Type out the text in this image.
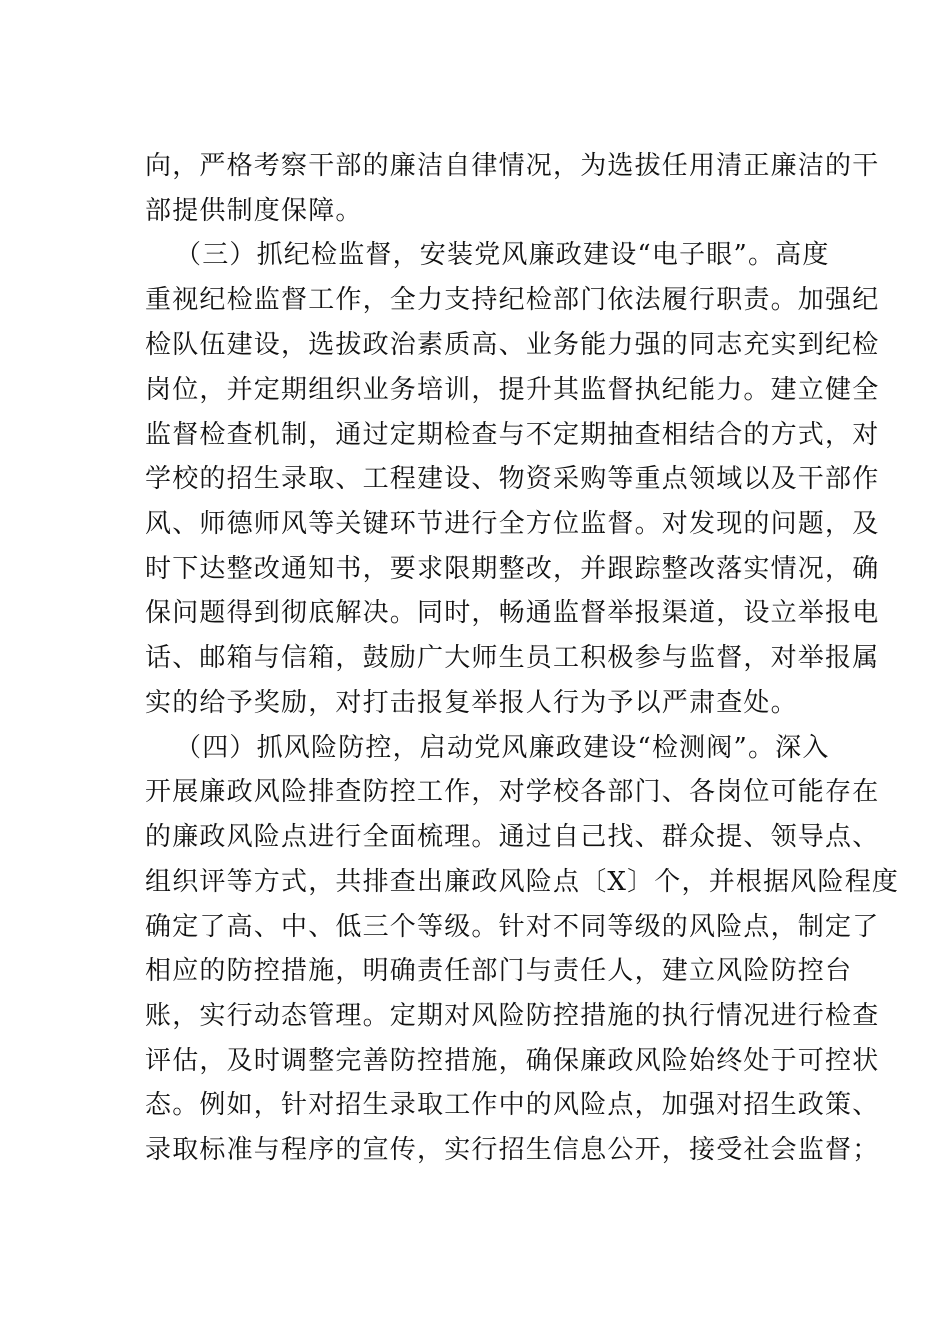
向，严格考察干部的廉洁自律情况，为选拔任用清正廉洁的干
部提供制度保障。
（三）抓纪检监督，安装党风廉政建设“电子眼”。高度
重视纪检监督工作，全力支持纪检部门依法履行职责。加强纪
检队伍建设，选拔政治素质高、业务能力强的同志充实到纪检
岗位，并定期组织业务培训，提升其监督执纪能力。建立健全
监督检查机制，通过定期检查与不定期抽查相结合的方式，对
学校的招生录取、工程建设、物资采购等重点领域以及干部作
风、师德师风等关键环节进行全方位监督。对发现的问题，及
时下达整改通知书，要求限期整改，并跟踪整改落实情况，确
保问题得到彻底解决。同时，畅通监督举报渠道，设立举报电
话、邮箱与信箱，鼓励广大师生员工积极参与监督，对举报属
实的给予奖励，对打击报复举报人行为予以严肃查处。
（四）抓风险防控，启动党风廉政建设“检测阀”。深入
开展廉政风险排查防控工作，对学校各部门、各岗位可能存在
的廉政风险点进行全面梳理。通过自己找、群众提、领导点、
组织评等方式，共排查出廉政风险点〔X〕个，并根据风险程度
确定了高、中、低三个等级。针对不同等级的风险点，制定了
相应的防控措施，明确责任部门与责任人，建立风险防控台
账，实行动态管理。定期对风险防控措施的执行情况进行检查
评估，及时调整完善防控措施，确保廉政风险始终处于可控状
态。例如，针对招生录取工作中的风险点，加强对招生政策、
录取标准与程序的宣传，实行招生信息公开，接受社会监督；
